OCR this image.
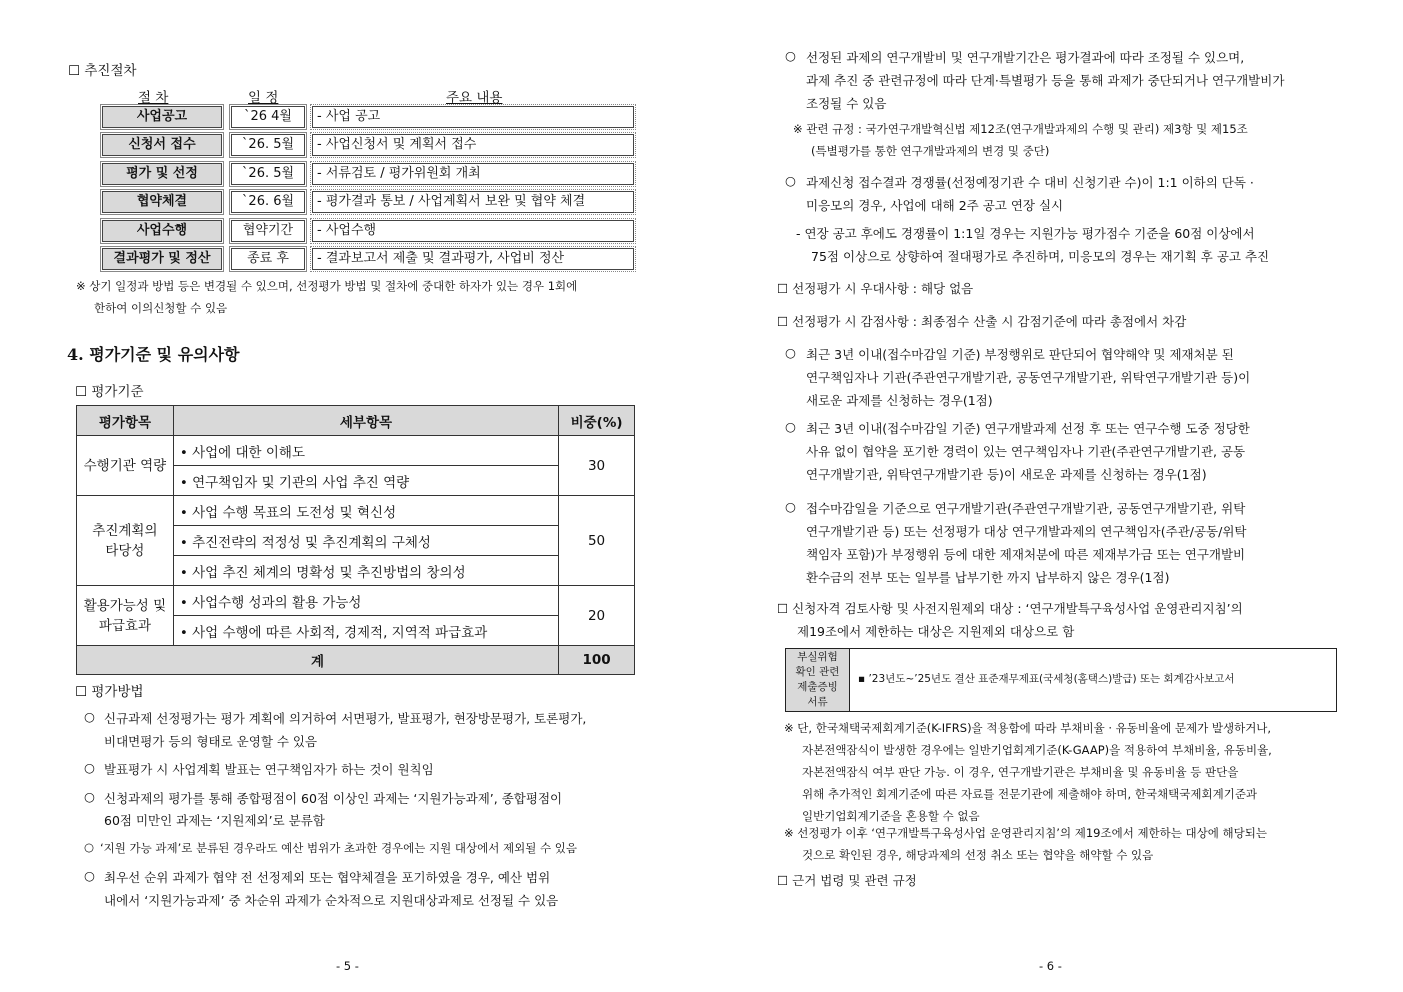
☐ 추진절차
절 차	일 정	주요 내용
사업공고	`26 4월	- 사업 공고
신청서 접수	`26. 5월	- 사업신청서 및 계획서 접수
평가 및 선정	`26. 5월	- 서류검토 / 평가위원회 개최
협약체결	`26. 6월	- 평가결과 통보 / 사업계획서 보완 및 협약 체결
사업수행	협약기간	- 사업수행
결과평가 및 정산	종료 후	- 결과보고서 제출 및 결과평가, 사업비 정산
※ 상기 일정과 방법 등은 변경될 수 있으며, 선정평가 방법 및 절차에 중대한 하자가 있는 경우 1회에
한하여 이의신청할 수 있음
4. 평가기준 및 유의사항
☐ 평가기준
평가항목	세부항목	비중(%)
수행기관 역량	• 사업에 대한 이해도	30
	• 연구책임자 및 기관의 사업 추진 역량	

추진계획의
타당성	• 사업 수행 목표의 도전성 및 혁신성	50
	• 추진전략의 적정성 및 추진계획의 구체성	
	• 사업 추진 체계의 명확성 및 추진방법의 창의성	

활용가능성 및
파급효과	• 사업수행 성과의 활용 가능성	20
	• 사업 수행에 따른 사회적, 경제적, 지역적 파급효과	
계		100
☐ 평가방법
○ 신규과제 선정평가는 평가 계획에 의거하여 서면평가, 발표평가, 현장방문평가, 토론평가,
비대면평가 등의 형태로 운영할 수 있음
○ 발표평가 시 사업계획 발표는 연구책임자가 하는 것이 원칙임
○ 신청과제의 평가를 통해 종합평점이 60점 이상인 과제는 ‘지원가능과제’, 종합평점이
60점 미만인 과제는 ‘지원제외’로 분류함
○ ‘지원 가능 과제’로 분류된 경우라도 예산 범위가 초과한 경우에는 지원 대상에서 제외될 수 있음
○ 최우선 순위 과제가 협약 전 선정제외 또는 협약체결을 포기하였을 경우, 예산 범위
내에서 ‘지원가능과제’ 중 차순위 과제가 순차적으로 지원대상과제로 선정될 수 있음
- 5 -
○ 선정된 과제의 연구개발비 및 연구개발기간은 평가결과에 따라 조정될 수 있으며,
과제 추진 중 관련규정에 따라 단계·특별평가 등을 통해 과제가 중단되거나 연구개발비가
조정될 수 있음
※ 관련 규정 : 국가연구개발혁신법 제12조(연구개발과제의 수행 및 관리) 제3항 및 제15조
(특별평가를 통한 연구개발과제의 변경 및 중단)
○ 과제신청 접수결과 경쟁률(선정예정기관 수 대비 신청기관 수)이 1:1 이하의 단독 ·
미응모의 경우, 사업에 대해 2주 공고 연장 실시
- 연장 공고 후에도 경쟁률이 1:1일 경우는 지원가능 평가점수 기준을 60점 이상에서
75점 이상으로 상향하여 절대평가로 추진하며, 미응모의 경우는 재기획 후 공고 추진
☐ 선정평가 시 우대사항 : 해당 없음
☐ 선정평가 시 감점사항 : 최종점수 산출 시 감점기준에 따라 총점에서 차감
○ 최근 3년 이내(접수마감일 기준) 부정행위로 판단되어 협약해약 및 제재처분 된
연구책임자나 기관(주관연구개발기관, 공동연구개발기관, 위탁연구개발기관 등)이
새로운 과제를 신청하는 경우(1점)
○ 최근 3년 이내(접수마감일 기준) 연구개발과제 선정 후 또는 연구수행 도중 정당한
사유 없이 협약을 포기한 경력이 있는 연구책임자나 기관(주관연구개발기관, 공동
연구개발기관, 위탁연구개발기관 등)이 새로운 과제를 신청하는 경우(1점)
○ 접수마감일을 기준으로 연구개발기관(주관연구개발기관, 공동연구개발기관, 위탁
연구개발기관 등) 또는 선정평가 대상 연구개발과제의 연구책임자(주관/공동/위탁
책임자 포함)가 부정행위 등에 대한 제재처분에 따른 제재부가금 또는 연구개발비
환수금의 전부 또는 일부를 납부기한 까지 납부하지 않은 경우(1점)
☐ 신청자격 검토사항 및 사전지원제외 대상 : ‘연구개발특구육성사업 운영관리지침’의
제19조에서 제한하는 대상은 지원제외 대상으로 함
부실위험
확인 관련
제출증빙
서류
▪ ’23년도~’25년도 결산 표준재무제표(국세청(홈택스)발급) 또는 회계감사보고서
※ 단, 한국채택국제회계기준(K-IFRS)을 적용함에 따라 부채비율 · 유동비율에 문제가 발생하거나,
자본전액잠식이 발생한 경우에는 일반기업회계기준(K-GAAP)을 적용하여 부채비율, 유동비율,
자본전액잠식 여부 판단 가능. 이 경우, 연구개발기관은 부채비율 및 유동비율 등 판단을
위해 추가적인 회계기준에 따른 자료를 전문기관에 제출해야 하며, 한국채택국제회계기준과
일반기업회계기준을 혼용할 수 없음
※ 선정평가 이후 ‘연구개발특구육성사업 운영관리지침’의 제19조에서 제한하는 대상에 해당되는
것으로 확인된 경우, 해당과제의 선정 취소 또는 협약을 해약할 수 있음
☐ 근거 법령 및 관련 규정
- 6 -
